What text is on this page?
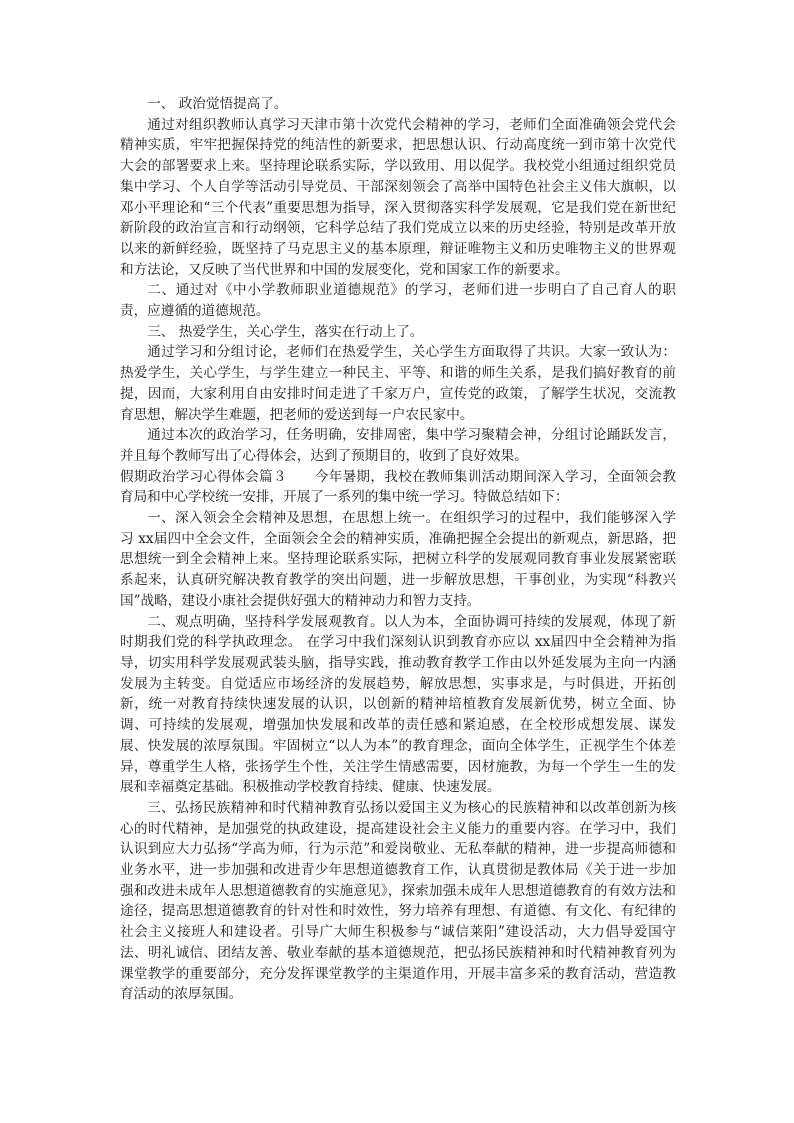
一、 政治觉悟提高了。

通过对组织教师认真学习天津市第十次党代会精神的学习，老师们全面准确领会党代会精神实质，牢牢把握保持党的纯洁性的新要求，把思想认识、行动高度统一到市第十次党代大会的部署要求上来。坚持理论联系实际，学以致用、用以促学。我校党小组通过组织党员集中学习、个人自学等活动引导党员、干部深刻领会了高举中国特色社会主义伟大旗帜，以邓小平理论和“三个代表”重要思想为指导，深入贯彻落实科学发展观，它是我们党在新世纪新阶段的政治宣言和行动纲领，它科学总结了我们党成立以来的历史经验，特别是改革开放以来的新鲜经验，既坚持了马克思主义的基本原理，辩证唯物主义和历史唯物主义的世界观和方法论，又反映了当代世界和中国的发展变化，党和国家工作的新要求。

二、通过对《中小学教师职业道德规范》的学习，老师们进一步明白了自己育人的职责，应遵循的道德规范。

三、 热爱学生，关心学生，落实在行动上了。

通过学习和分组讨论，老师们在热爱学生，关心学生方面取得了共识。大家一致认为：热爱学生，关心学生，与学生建立一种民主、平等、和谐的师生关系，是我们搞好教育的前提，因而，大家利用自由安排时间走进了千家万户，宣传党的政策，了解学生状况，交流教育思想，解决学生难题，把老师的爱送到每一户农民家中。

通过本次的政治学习，任务明确，安排周密，集中学习聚精会神，分组讨论踊跃发言，并且每个教师写出了心得体会，达到了预期目的，收到了良好效果。

假期政治学习心得体会篇３　　今年暑期，我校在教师集训活动期间深入学习，全面领会教育局和中心学校统一安排，开展了一系列的集中统一学习。特做总结如下：

一、深入领会全会精神及思想，在思想上统一。在组织学习的过程中，我们能够深入学习 xx届四中全会文件，全面领会全会的精神实质，准确把握全会提出的新观点，新思路，把思想统一到全会精神上来。坚持理论联系实际，把树立科学的发展观同教育事业发展紧密联系起来，认真研究解决教育教学的突出问题，进一步解放思想，干事创业，为实现“科教兴国”战略，建设小康社会提供好强大的精神动力和智力支持。

二、观点明确，坚持科学发展观教育。以人为本，全面协调可持续的发展观，体现了新时期我们党的科学执政理念。 在学习中我们深刻认识到教育亦应以 xx届四中全会精神为指导，切实用科学发展观武装头脑，指导实践，推动教育教学工作由以外延发展为主向一内涵发展为主转变。自觉适应市场经济的发展趋势，解放思想，实事求是，与时俱进，开拓创新，统一对教育持续快速发展的认识，以创新的精神培植教育发展新优势，树立全面、协调、可持续的发展观，增强加快发展和改革的责任感和紧迫感，在全校形成想发展、谋发展、快发展的浓厚氛围。牢固树立“以人为本”的教育理念，面向全体学生，正视学生个体差异，尊重学生人格，张扬学生个性，关注学生情感需要，因材施教，为每一个学生一生的发展和幸福奠定基础。积极推动学校教育持续、健康、快速发展。

三、弘扬民族精神和时代精神教育弘扬以爱国主义为核心的民族精神和以改革创新为核心的时代精神，是加强党的执政建设，提高建设社会主义能力的重要内容。在学习中，我们认识到应大力弘扬“学高为师，行为示范”和爱岗敬业、无私奉献的精神，进一步提高师德和业务水平，进一步加强和改进青少年思想道德教育工作，认真贯彻是教体局《关于进一步加强和改进未成年人思想道德教育的实施意见》，探索加强未成年人思想道德教育的有效方法和途径，提高思想道德教育的针对性和时效性，努力培养有理想、有道德、有文化、有纪律的社会主义接班人和建设者。引导广大师生积极参与“诚信莱阳”建设活动，大力倡导爱国守法、明礼诚信、团结友善、敬业奉献的基本道德规范，把弘扬民族精神和时代精神教育列为课堂教学的重要部分，充分发挥课堂教学的主渠道作用，开展丰富多采的教育活动，营造教育活动的浓厚氛围。
